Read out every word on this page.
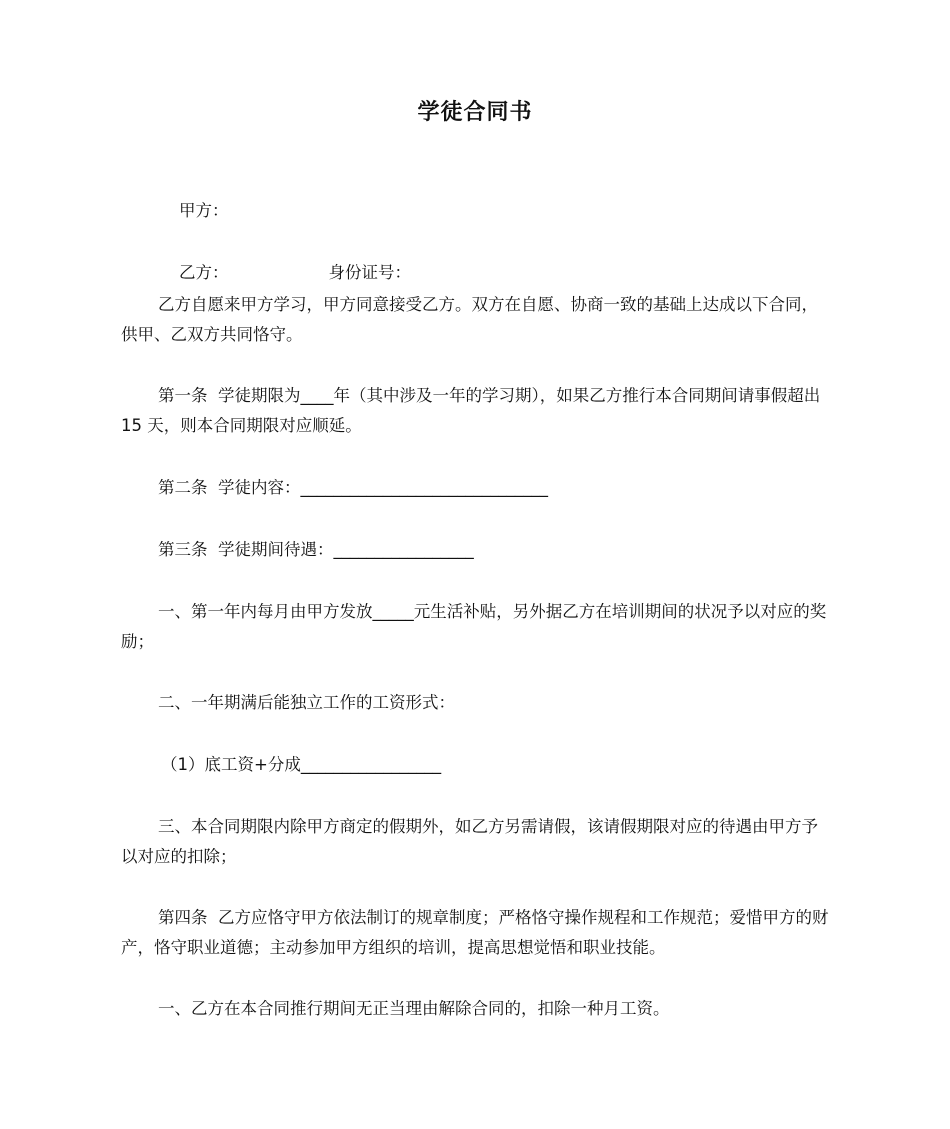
学徒合同书

甲方：

乙方：	身份证号：

乙方自愿来甲方学习，甲方同意接受乙方。双方在自愿、协商一致的基础上达成以下合同，供甲、乙双方共同恪守。
第一条  学徒期限为____年（其中涉及一年的学习期），如果乙方推行本合同期间请事假超出 15 天，则本合同期限对应顺延。
第二条  学徒内容：______________________________
第三条  学徒期间待遇：_________________
一、第一年内每月由甲方发放_____元生活补贴，另外据乙方在培训期间的状况予以对应的奖励；
二、一年期满后能独立工作的工资形式：
（1）底工资+分成_________________
三、本合同期限内除甲方商定的假期外，如乙方另需请假，该请假期限对应的待遇由甲方予以对应的扣除；
第四条  乙方应恪守甲方依法制订的规章制度；严格恪守操作规程和工作规范；爱惜甲方的财产，恪守职业道德；主动参加甲方组织的培训，提高思想觉悟和职业技能。
一、乙方在本合同推行期间无正当理由解除合同的，扣除一种月工资。
